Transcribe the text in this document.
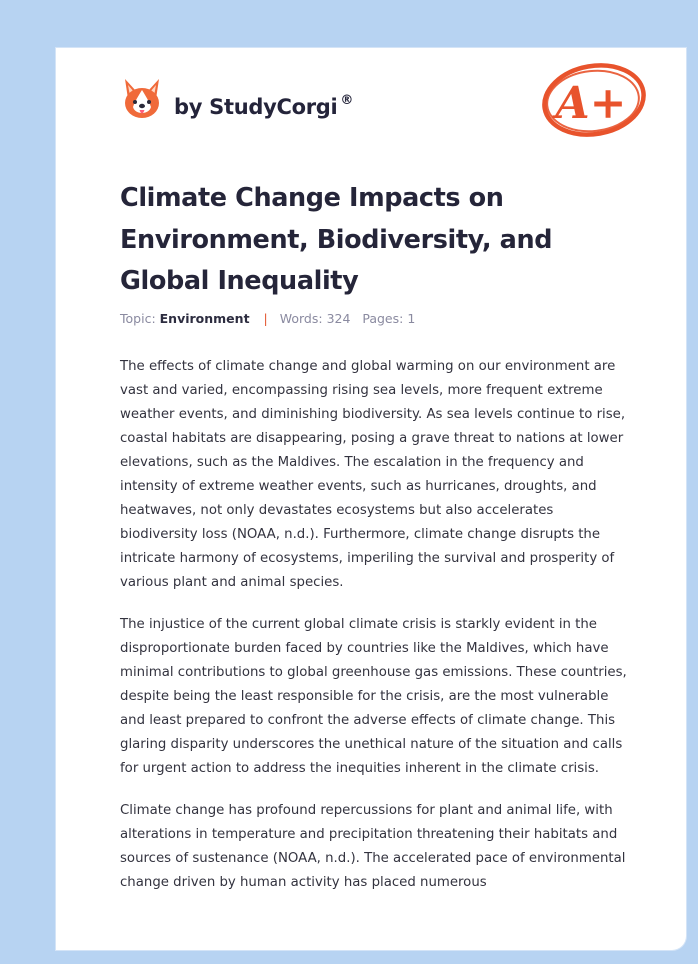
by StudyCorgi ®	A+
Climate Change Impacts on Environment, Biodiversity, and Global Inequality
Topic: Environment | Words: 324 Pages: 1

The effects of climate change and global warming on our environment are vast and varied, encompassing rising sea levels, more frequent extreme weather events, and diminishing biodiversity. As sea levels continue to rise, coastal habitats are disappearing, posing a grave threat to nations at lower elevations, such as the Maldives. The escalation in the frequency and intensity of extreme weather events, such as hurricanes, droughts, and heatwaves, not only devastates ecosystems but also accelerates biodiversity loss (NOAA, n.d.). Furthermore, climate change disrupts the intricate harmony of ecosystems, imperiling the survival and prosperity of various plant and animal species.

The injustice of the current global climate crisis is starkly evident in the disproportionate burden faced by countries like the Maldives, which have minimal contributions to global greenhouse gas emissions. These countries, despite being the least responsible for the crisis, are the most vulnerable and least prepared to confront the adverse effects of climate change. This glaring disparity underscores the unethical nature of the situation and calls for urgent action to address the inequities inherent in the climate crisis.

Climate change has profound repercussions for plant and animal life, with alterations in temperature and precipitation threatening their habitats and sources of sustenance (NOAA, n.d.). The accelerated pace of environmental change driven by human activity has placed numerous
